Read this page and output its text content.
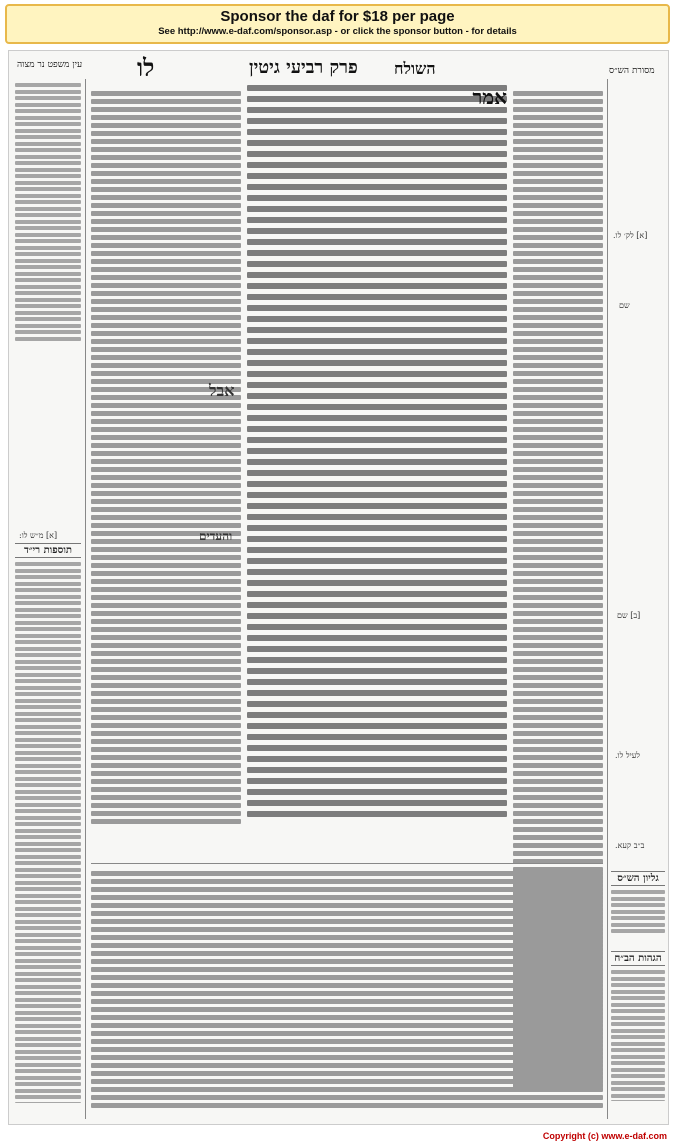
Sponsor the daf for $18 per page
See http://www.e-daf.com/sponsor.asp - or click the sponsor button - for details
לו	פרק רביעי גיטין השולח
עין משפט נר מצוה
מסורת הש״ס
תוספות רי״ד
[א] מ״ש לו:
אבל
והעדים
אמר
[א] לק׳ לו.
שם
[ב] שם
לעיל לו.
ב״ב קעא.
גליון הש״ס
הגהות הב״ח
Copyright (c) www.e-daf.com
